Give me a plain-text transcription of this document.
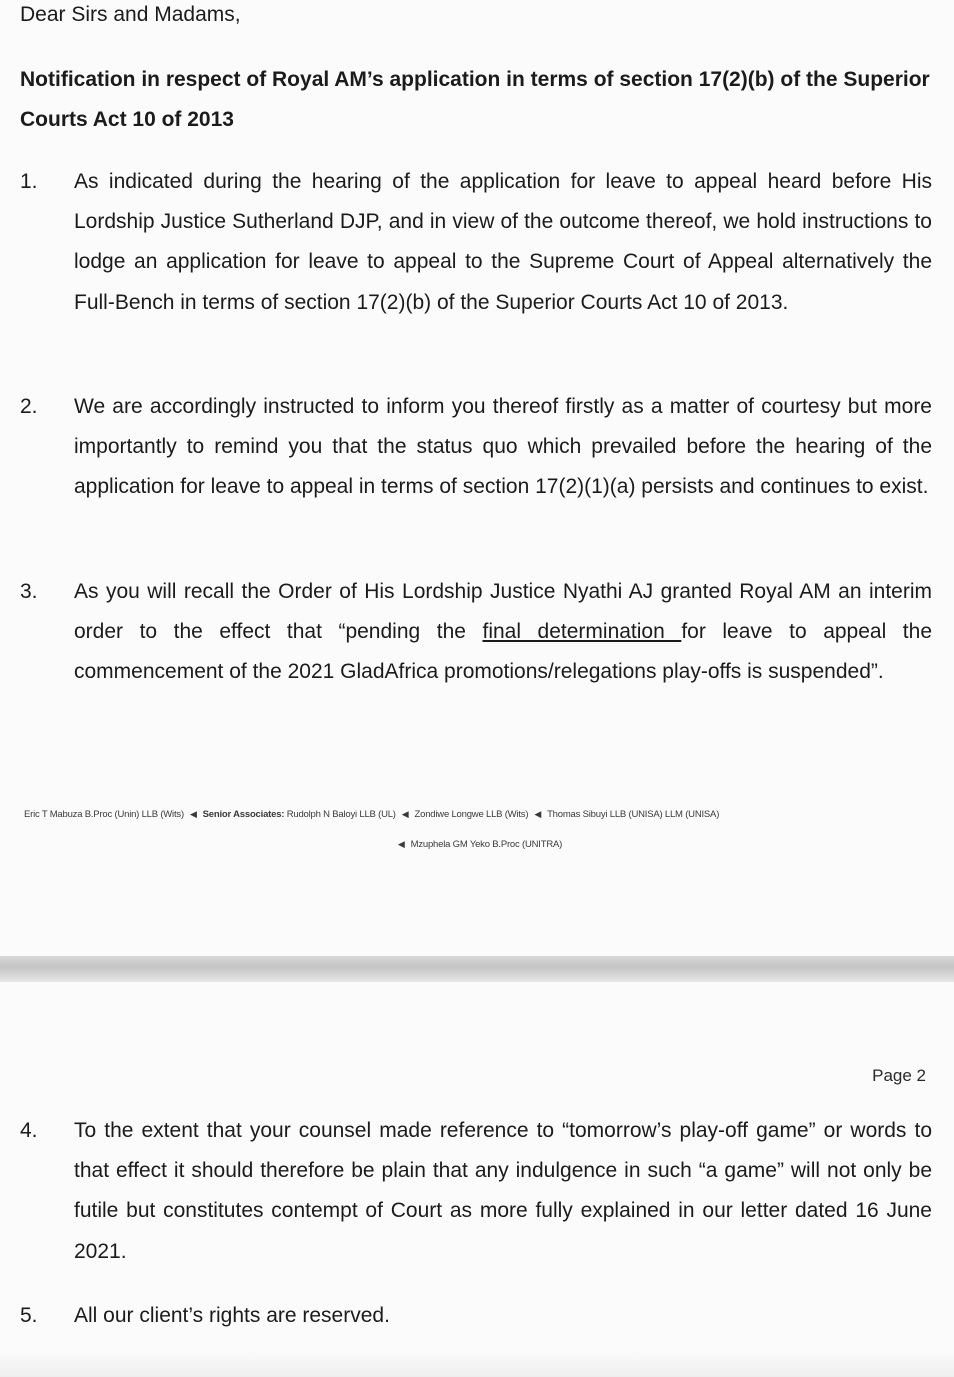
Dear Sirs and Madams,

Notification in respect of Royal AM’s application in terms of section 17(2)(b) of the Superior Courts Act 10 of 2013

1.	As indicated during the hearing of the application for leave to appeal heard before His Lordship Justice Sutherland DJP, and in view of the outcome thereof, we hold instructions to lodge an application for leave to appeal to the Supreme Court of Appeal alternatively the Full-Bench in terms of section 17(2)(b) of the Superior Courts Act 10 of 2013.
2.	We are accordingly instructed to inform you thereof firstly as a matter of courtesy but more importantly to remind you that the status quo which prevailed before the hearing of the application for leave to appeal in terms of section 17(2)(1)(a) persists and continues to exist.
3.	As you will recall the Order of His Lordship Justice Nyathi AJ granted Royal AM an interim order to the effect that “pending the final determination for leave to appeal the commencement of the 2021 GladAfrica promotions/relegations play-offs is suspended”.
Eric T Mabuza B.Proc (Unin) LLB (Wits) ◀ Senior Associates: Rudolph N Baloyi LLB (UL) ◀ Zondiwe Longwe LLB (Wits) ◀ Thomas Sibuyi LLB (UNISA) LLM (UNISA)
◀ Mzuphela GM Yeko B.Proc (UNITRA)
Page 2
4.	To the extent that your counsel made reference to “tomorrow’s play-off game” or words to that effect it should therefore be plain that any indulgence in such “a game” will not only be futile but constitutes contempt of Court as more fully explained in our letter dated 16 June 2021.
5.	All our client’s rights are reserved.
